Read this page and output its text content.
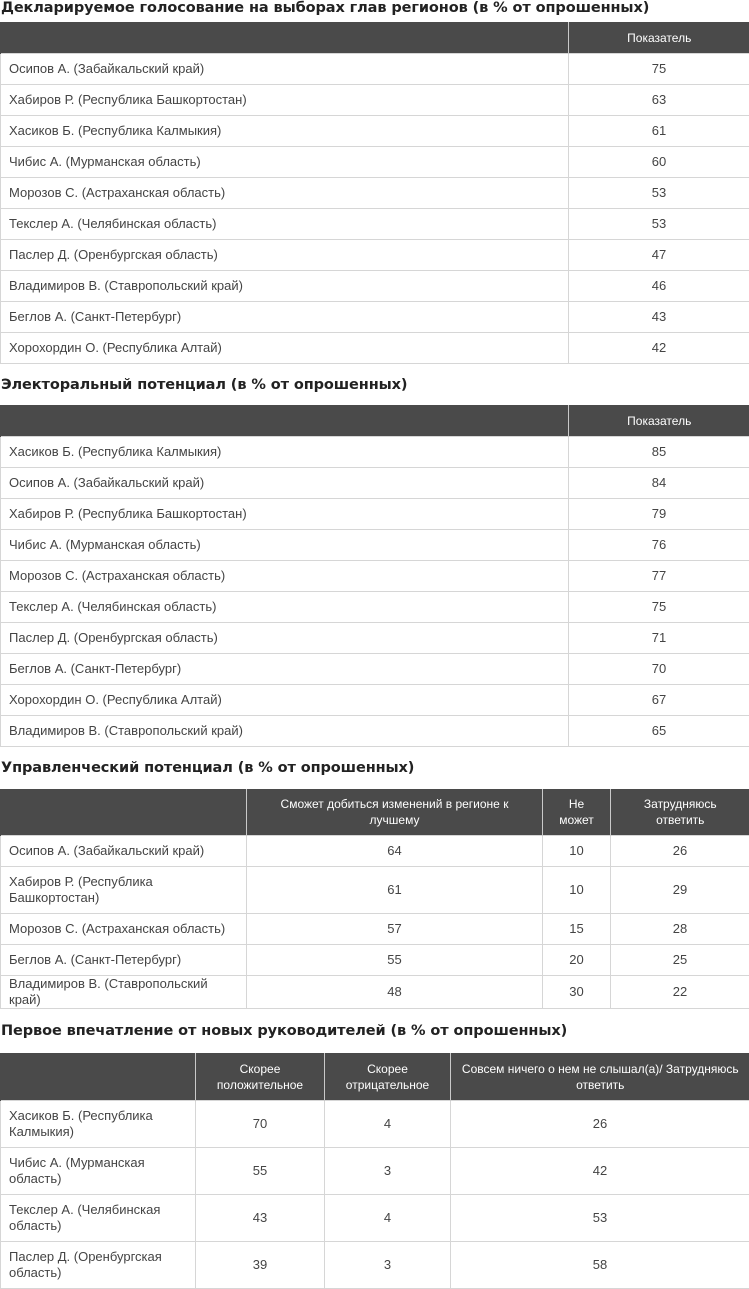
Декларируемое голосование на выборах глав регионов (в % от опрошенных)
	Показатель
Осипов А. (Забайкальский край)	75
Хабиров Р. (Республика Башкортостан)	63
Хасиков Б. (Республика Калмыкия)	61
Чибис А. (Мурманская область)	60
Морозов С. (Астраханская область)	53
Текслер А. (Челябинская область)	53
Паслер Д. (Оренбургская область)	47
Владимиров В. (Ставропольский край)	46
Беглов А. (Санкт-Петербург)	43
Хорохордин О. (Республика Алтай)	42
Электоральный потенциал (в % от опрошенных)
	Показатель
Хасиков Б. (Республика Калмыкия)	85
Осипов А. (Забайкальский край)	84
Хабиров Р. (Республика Башкортостан)	79
Чибис А. (Мурманская область)	76
Морозов С. (Астраханская область)	77
Текслер А. (Челябинская область)	75
Паслер Д. (Оренбургская область)	71
Беглов А. (Санкт-Петербург)	70
Хорохордин О. (Республика Алтай)	67
Владимиров В. (Ставропольский край)	65
Управленческий потенциал (в % от опрошенных)
	Сможет добиться изменений в регионе к лучшему	Не может	Затрудняюсь ответить
Осипов А. (Забайкальский край)	64	10	26
Хабиров Р. (Республика Башкортостан)	61	10	29
Морозов С. (Астраханская область)	57	15	28
Беглов А. (Санкт-Петербург)	55	20	25
Владимиров В. (Ставропольский край)	48	30	22
Первое впечатление от новых руководителей (в % от опрошенных)
	Скорее положительное	Скорее отрицательное	Совсем ничего о нем не слышал(а)/ Затрудняюсь ответить
Хасиков Б. (Республика Калмыкия)	70	4	26
Чибис А. (Мурманская область)	55	3	42
Текслер А. (Челябинская область)	43	4	53
Паслер Д. (Оренбургская область)	39	3	58
